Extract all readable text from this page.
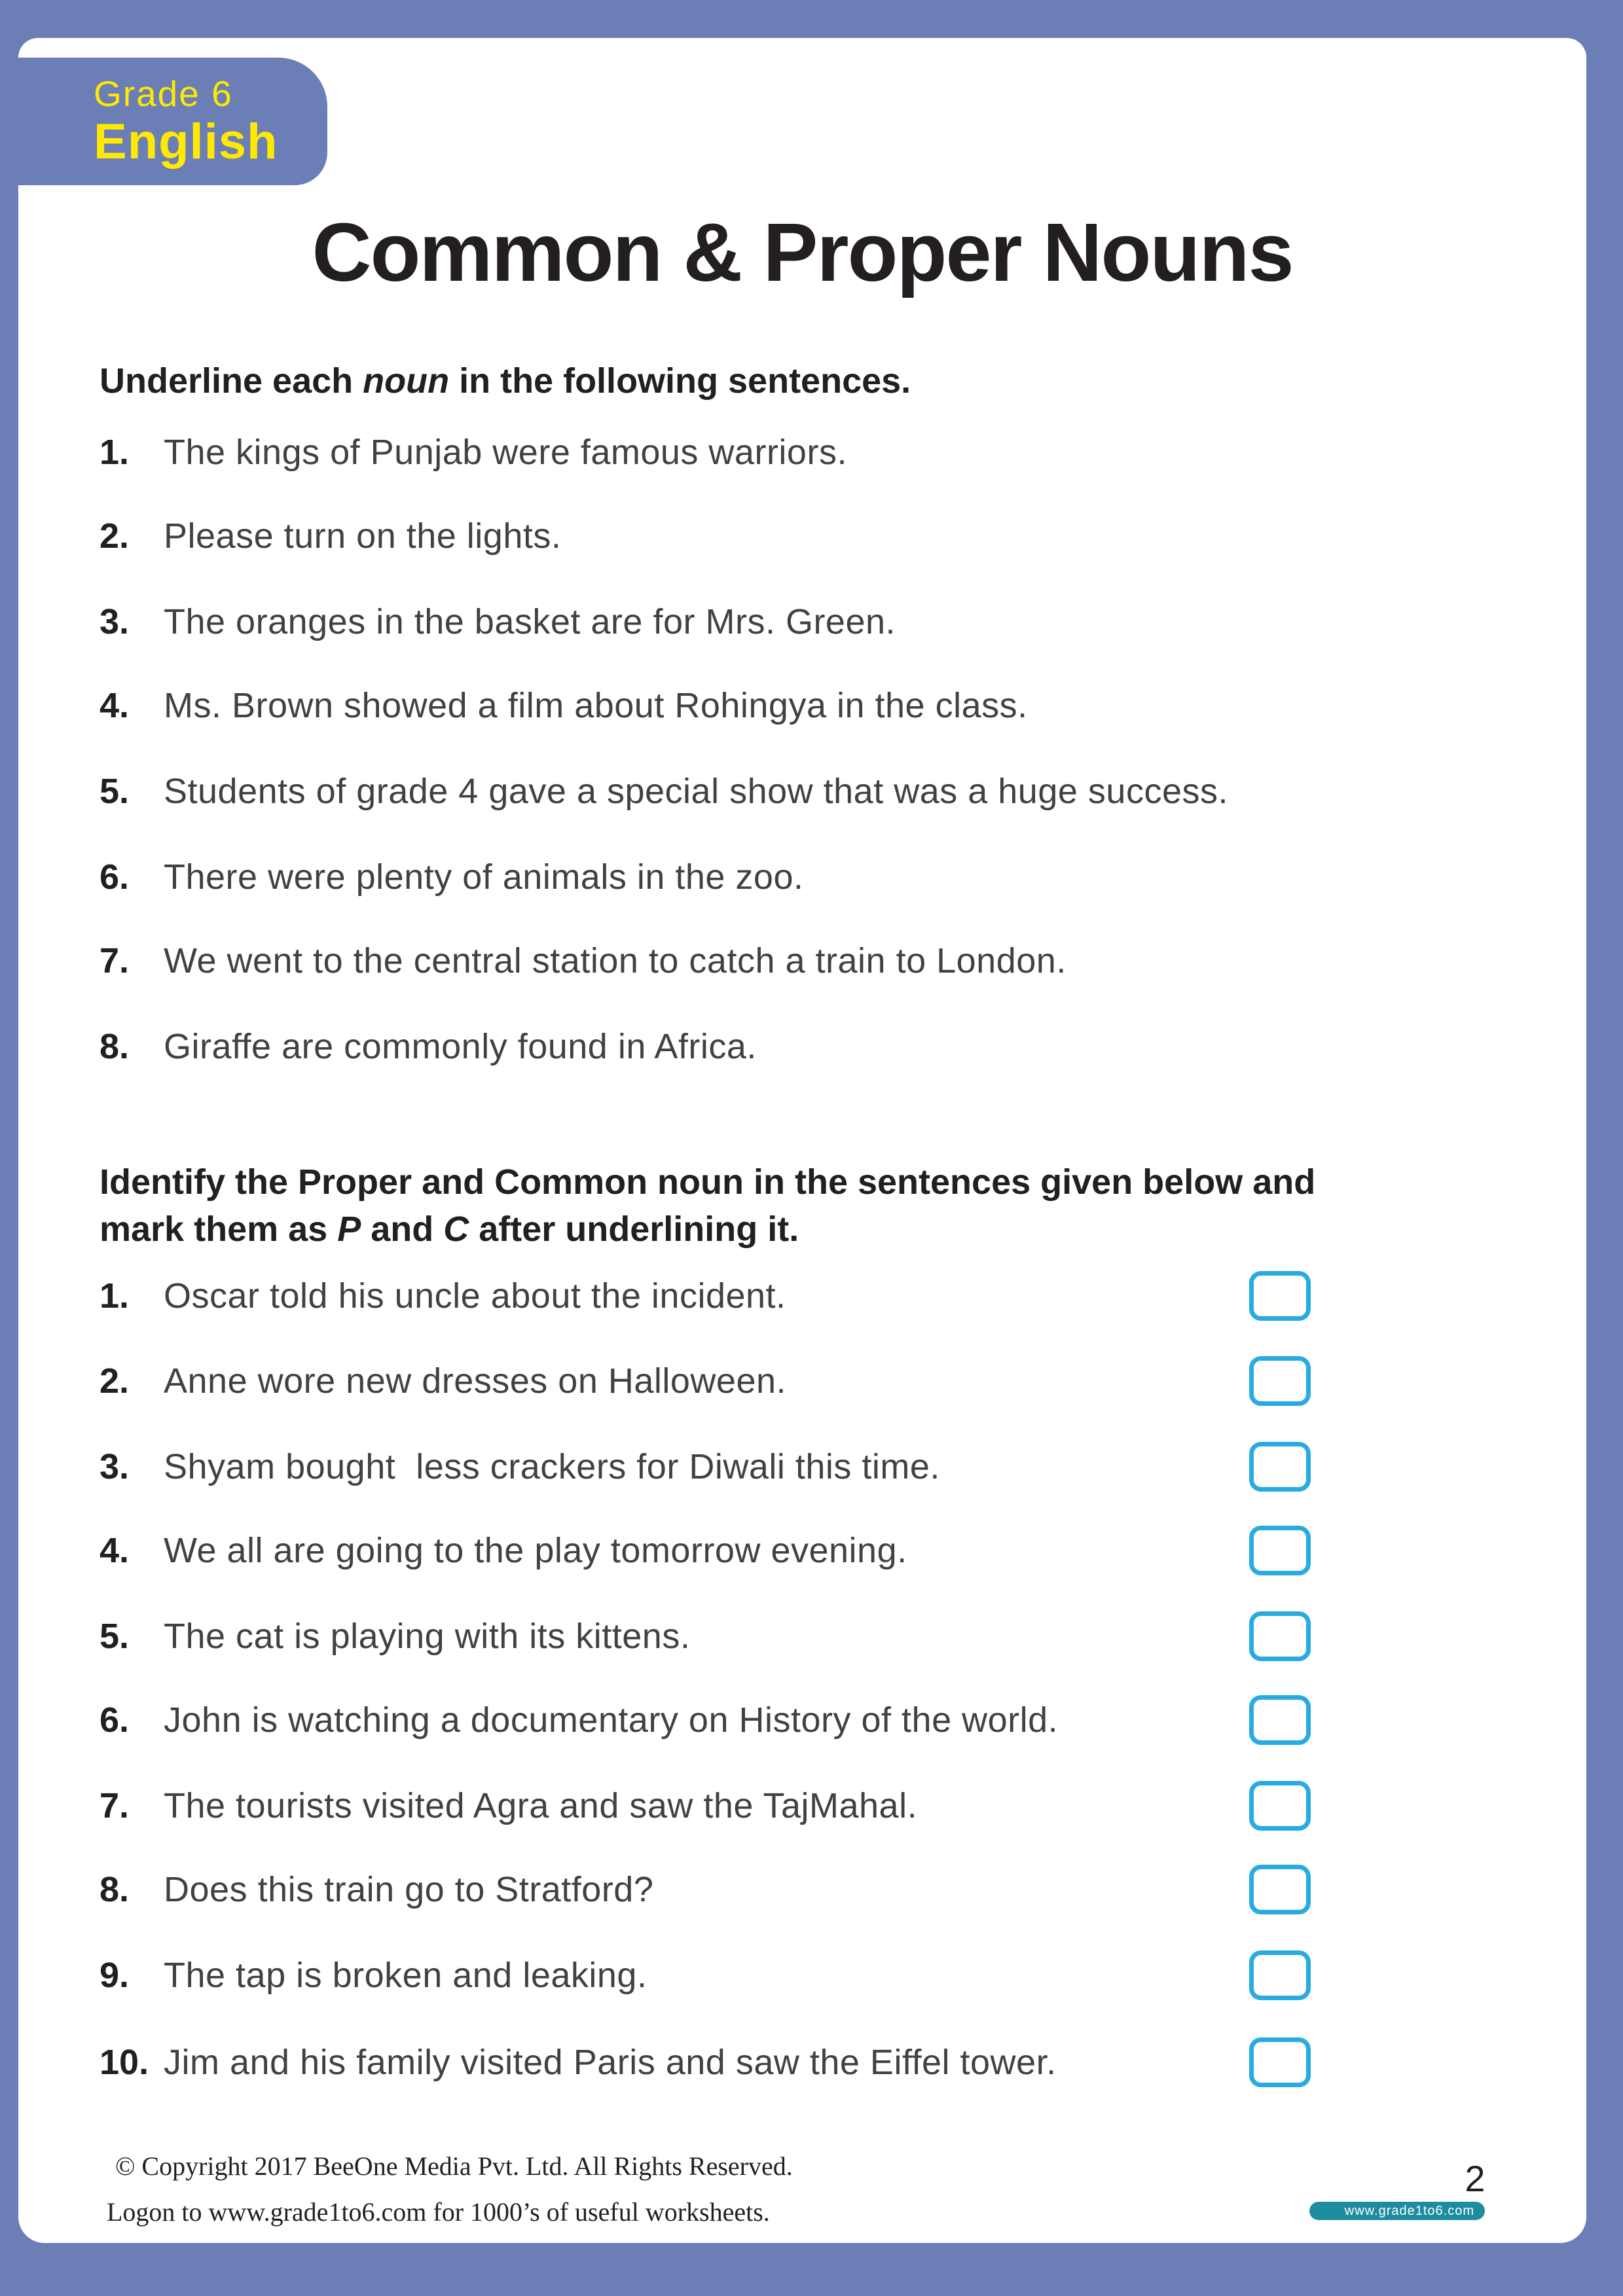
Grade 6
English
Common & Proper Nouns
Underline each noun in the following sentences.
1. The kings of Punjab were famous warriors.
2. Please turn on the lights.
3. The oranges in the basket are for Mrs. Green.
4. Ms. Brown showed a film about Rohingya in the class.
5. Students of grade 4 gave a special show that was a huge success.
6. There were plenty of animals in the zoo.
7. We went to the central station to catch a train to London.
8. Giraffe are commonly found in Africa.
Identify the Proper and Common noun in the sentences given below and
mark them as P and C after underlining it.
1. Oscar told his uncle about the incident.
2. Anne wore new dresses on Halloween.
3. Shyam bought  less crackers for Diwali this time.
4. We all are going to the play tomorrow evening.
5. The cat is playing with its kittens.
6. John is watching a documentary on History of the world.
7. The tourists visited Agra and saw the TajMahal.
8. Does this train go to Stratford?
9. The tap is broken and leaking.
10. Jim and his family visited Paris and saw the Eiffel tower.
© Copyright 2017 BeeOne Media Pvt. Ltd. All Rights Reserved.
Logon to www.grade1to6.com for 1000’s of useful worksheets.
2
www.grade1to6.com
